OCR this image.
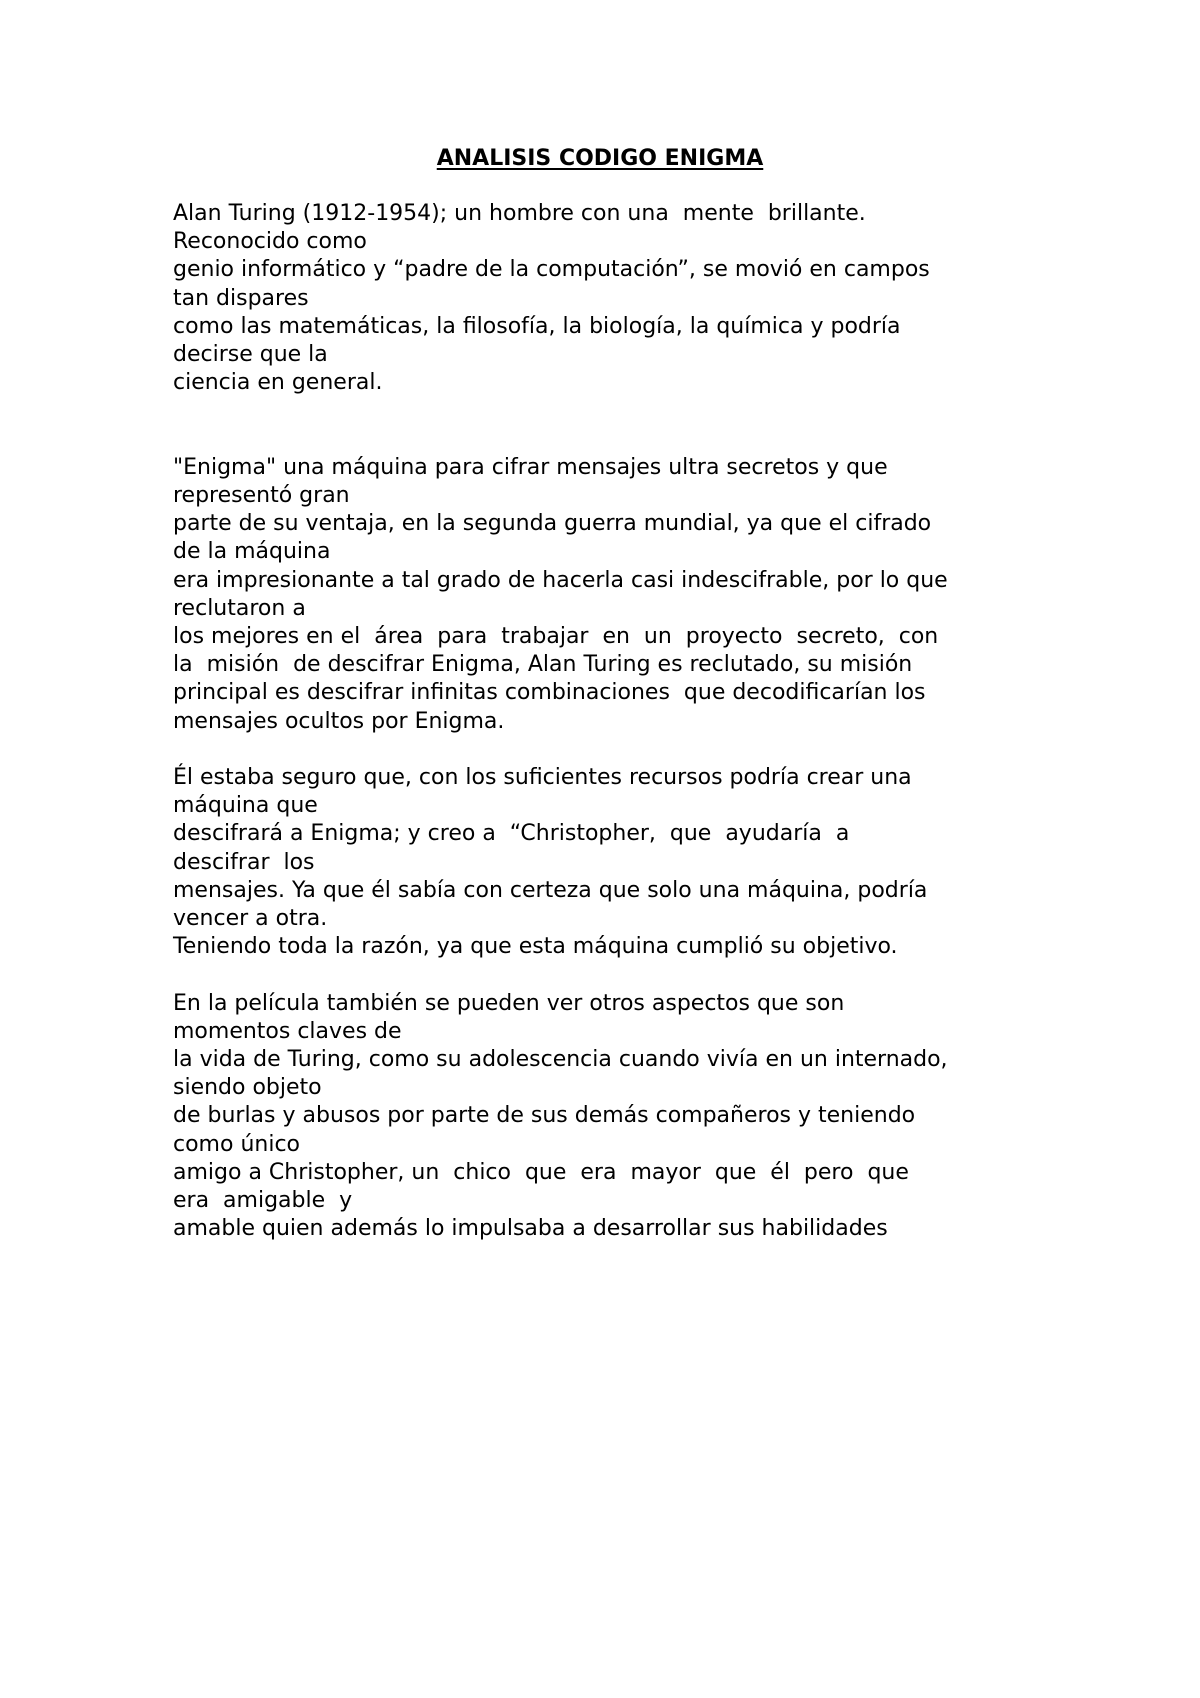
ANALISIS CODIGO ENIGMA

Alan Turing (1912-1954); un hombre con una  mente  brillante.
Reconocido como
genio informático y “padre de la computación”, se movió en campos
tan dispares
como las matemáticas, la filosofía, la biología, la química y podría
decirse que la
ciencia en general.

"Enigma" una máquina para cifrar mensajes ultra secretos y que
representó gran
parte de su ventaja, en la segunda guerra mundial, ya que el cifrado
de la máquina
era impresionante a tal grado de hacerla casi indescifrable, por lo que
reclutaron a
los mejores en el  área  para  trabajar  en  un  proyecto  secreto,  con
la  misión  de descifrar Enigma, Alan Turing es reclutado, su misión
principal es descifrar infinitas combinaciones  que decodificarían los
mensajes ocultos por Enigma.

Él estaba seguro que, con los suficientes recursos podría crear una
máquina que
descifrará a Enigma; y creo a  “Christopher,  que  ayudaría  a
descifrar  los
mensajes. Ya que él sabía con certeza que solo una máquina, podría
vencer a otra.
Teniendo toda la razón, ya que esta máquina cumplió su objetivo.

En la película también se pueden ver otros aspectos que son
momentos claves de
la vida de Turing, como su adolescencia cuando vivía en un internado,
siendo objeto
de burlas y abusos por parte de sus demás compañeros y teniendo
como único
amigo a Christopher, un  chico  que  era  mayor  que  él  pero  que
era  amigable  y
amable quien además lo impulsaba a desarrollar sus habilidades
